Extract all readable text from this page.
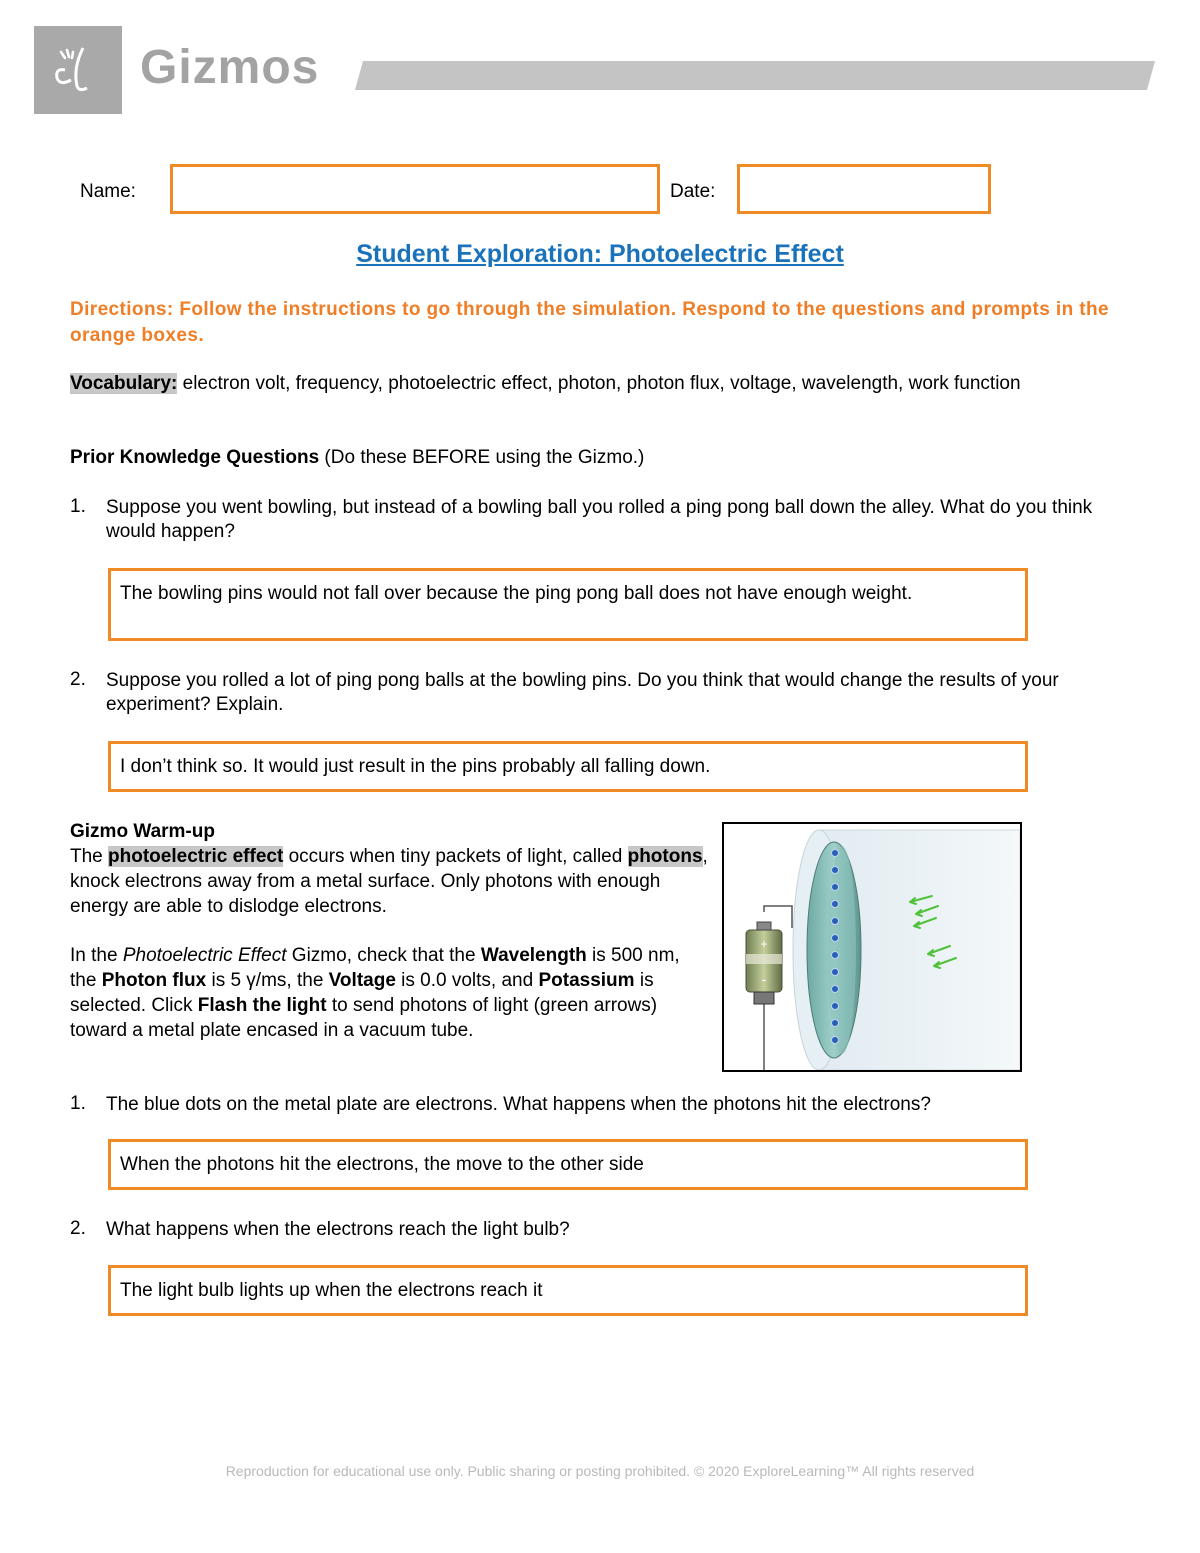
Gizmos
Name:	Date:
Student Exploration: Photoelectric Effect
Directions: Follow the instructions to go through the simulation. Respond to the questions and prompts in the orange boxes.
Vocabulary: electron volt, frequency, photoelectric effect, photon, photon flux, voltage, wavelength, work function
Prior Knowledge Questions (Do these BEFORE using the Gizmo.)
1.	Suppose you went bowling, but instead of a bowling ball you rolled a ping pong ball down the alley. What do you think would happen?
The bowling pins would not fall over because the ping pong ball does not have enough weight.
2.	Suppose you rolled a lot of ping pong balls at the bowling pins. Do you think that would change the results of your experiment? Explain.
I don’t think so. It would just result in the pins probably all falling down.
Gizmo Warm-up
The photoelectric effect occurs when tiny packets of light, called photons, knock electrons away from a metal surface. Only photons with enough energy are able to dislodge electrons.
In the Photoelectric Effect Gizmo, check that the Wavelength is 500 nm, the Photon flux is 5 γ/ms, the Voltage is 0.0 volts, and Potassium is selected. Click Flash the light to send photons of light (green arrows) toward a metal plate encased in a vacuum tube.
+
-
1.	The blue dots on the metal plate are electrons. What happens when the photons hit the electrons?
When the photons hit the electrons, the move to the other side
2.	What happens when the electrons reach the light bulb?
The light bulb lights up when the electrons reach it
Reproduction for educational use only. Public sharing or posting prohibited. © 2020 ExploreLearning™ All rights reserved
